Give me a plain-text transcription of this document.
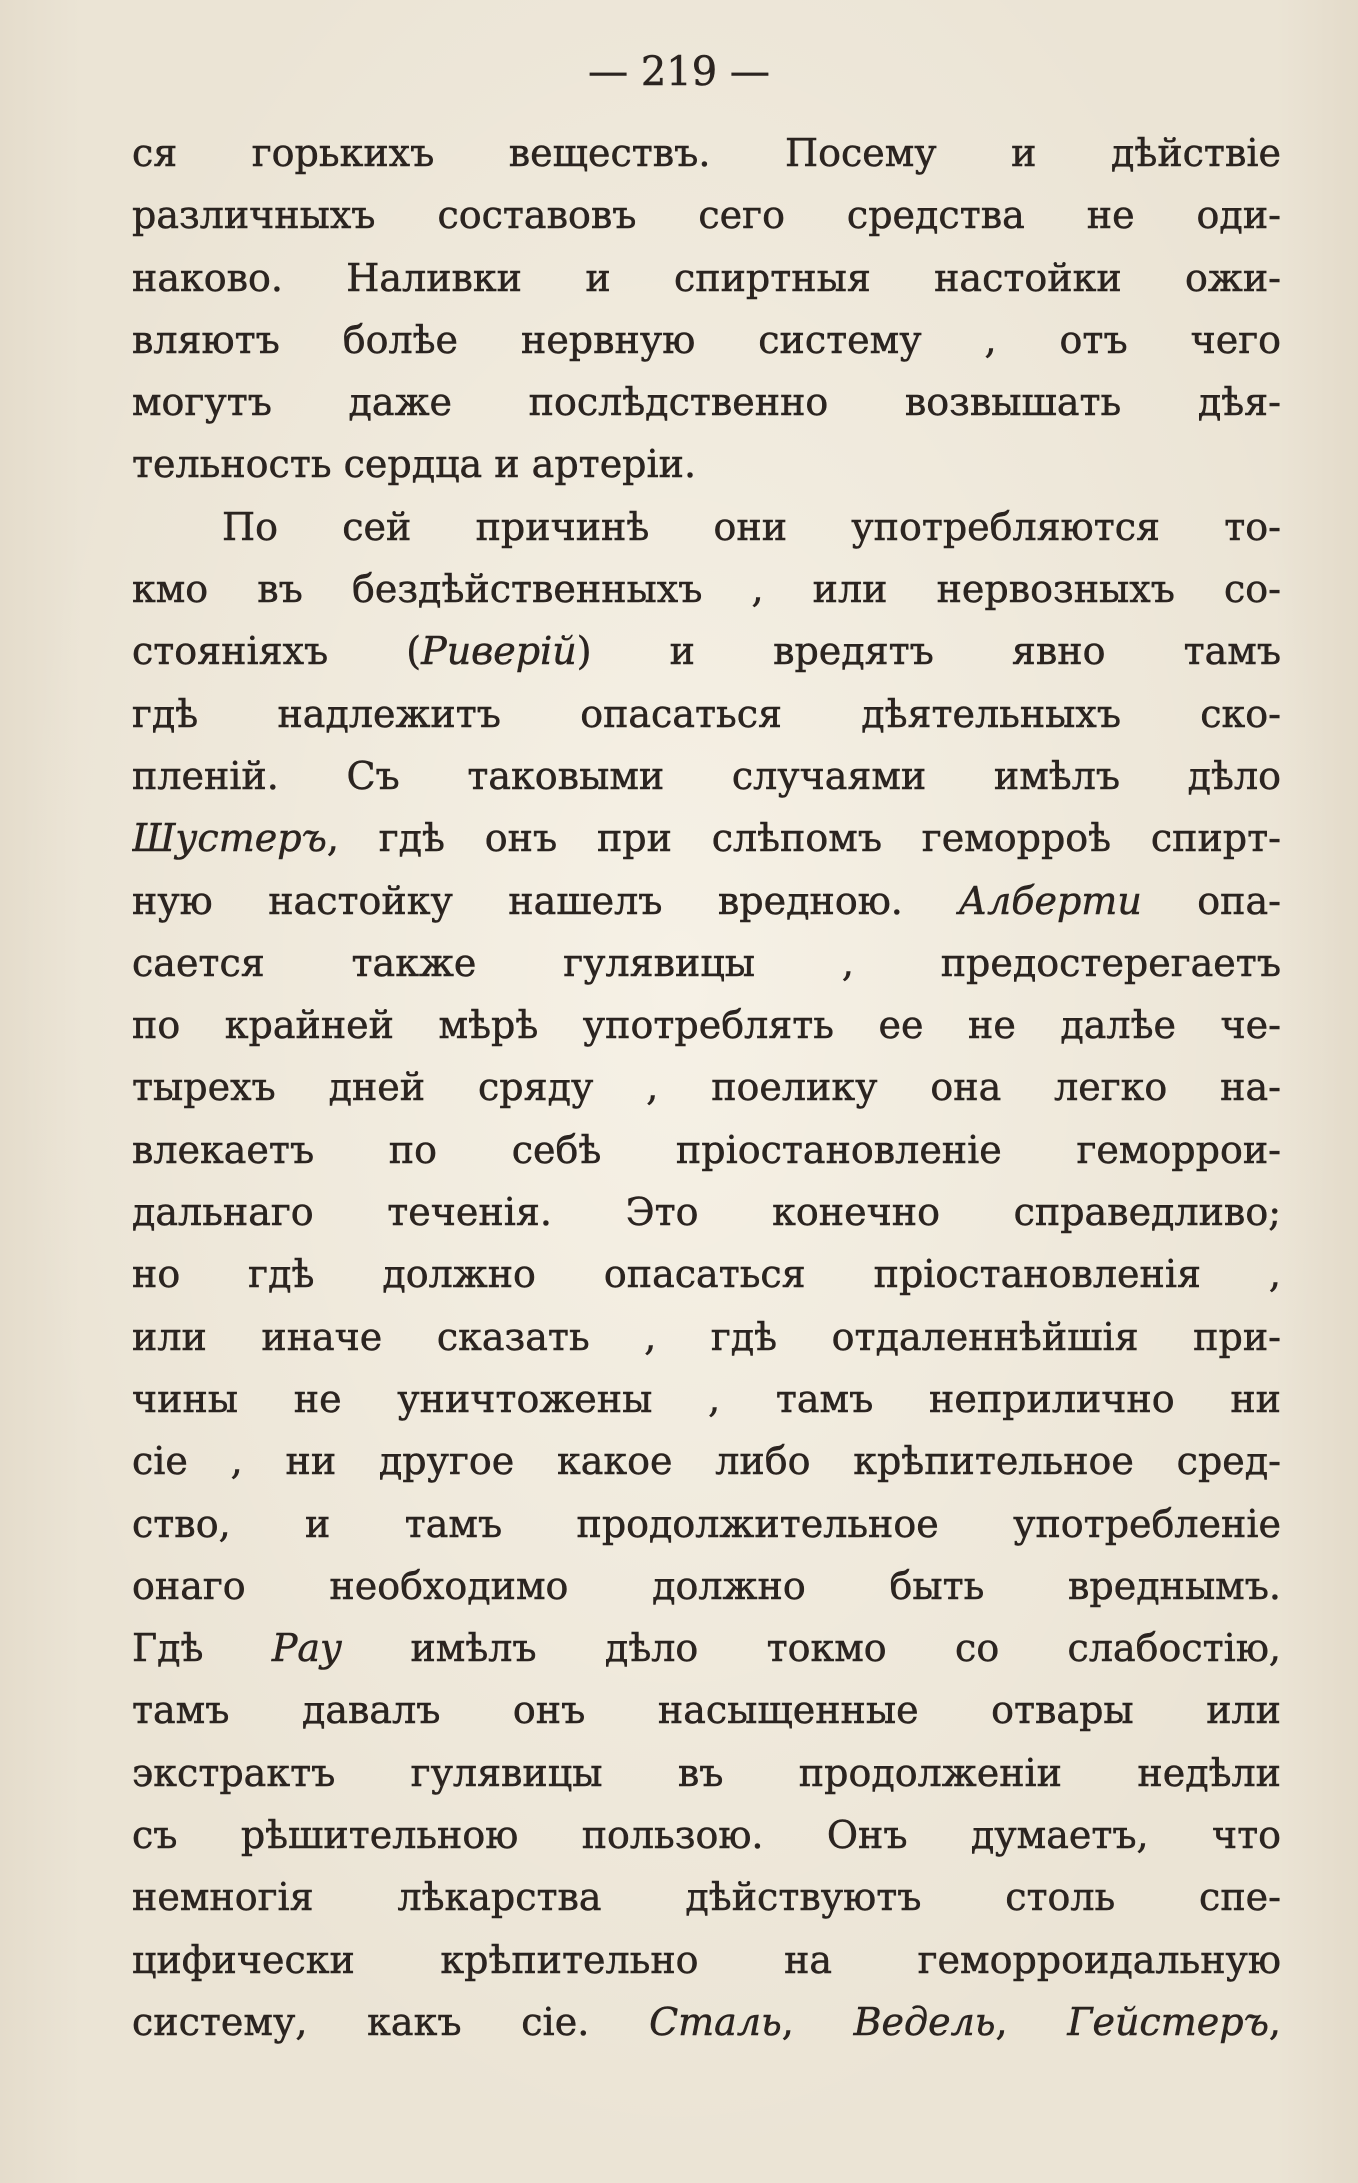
— 219 —
ся горькихъ веществъ. Посему и дѣйствіе
различныхъ составовъ сего средства не оди-
наково. Наливки и спиртныя настойки ожи-
вляютъ болѣе нервную систему , отъ чего
могутъ даже послѣдственно возвышать дѣя-
тельность сердца и артеріи.
По сей причинѣ они употребляются то-
кмо въ бездѣйственныхъ , или нервозныхъ со-
стояніяхъ (Риверій) и вредятъ явно тамъ
гдѣ надлежитъ опасаться дѣятельныхъ ско-
пленій. Съ таковыми случаями имѣлъ дѣло
Шустеръ, гдѣ онъ при слѣпомъ геморроѣ спирт-
ную настойку нашелъ вредною. Алберти опа-
сается также гулявицы , предостерегаетъ
по крайней мѣрѣ употреблять ее не далѣе че-
тырехъ дней сряду , поелику она легко на-
влекаетъ по себѣ пріостановленіе геморрои-
дальнаго теченія. Это конечно справедливо;
но гдѣ должно опасаться пріостановленія ,
или иначе сказать , гдѣ отдаленнѣйшія при-
чины не уничтожены , тамъ неприлично ни
сіе , ни другое какое либо крѣпительное сред-
ство, и тамъ продолжительное употребленіе
онаго необходимо должно быть вреднымъ.
Гдѣ Рау имѣлъ дѣло токмо со слабостію,
тамъ давалъ онъ насыщенные отвары или
экстрактъ гулявицы въ продолженіи недѣли
съ рѣшительною пользою. Онъ думаетъ, что
немногія лѣкарства дѣйствуютъ столь спе-
цифически крѣпительно на геморроидальную
систему, какъ сіе. Сталь, Ведель, Гейстеръ,
